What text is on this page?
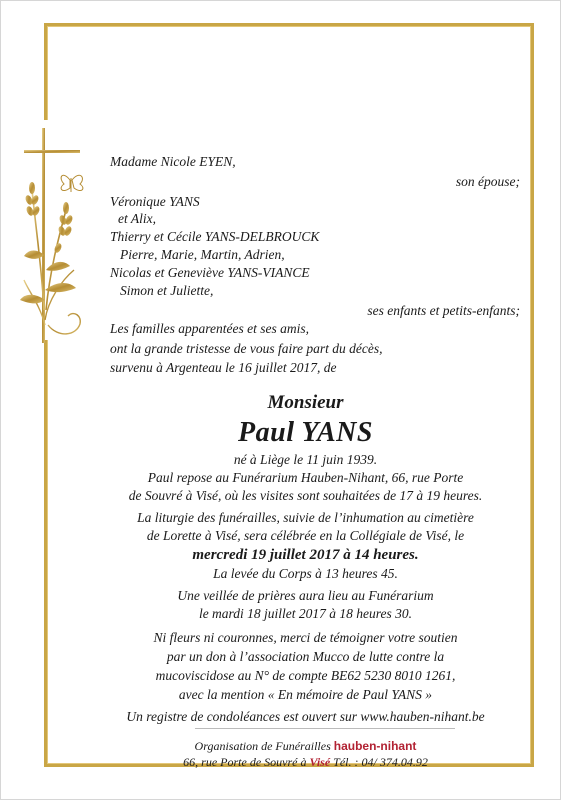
Madame Nicole EYEN,
son épouse;
Véronique YANS
et Alix,
Thierry et Cécile YANS-DELBROUCK
Pierre, Marie, Martin, Adrien,
Nicolas et Geneviève YANS-VIANCE
Simon et Juliette,
ses enfants et petits-enfants;
Les familles apparentées et ses amis,
ont la grande tristesse de vous faire part du décès,
survenu à Argenteau le 16 juillet 2017, de
Monsieur
Paul YANS
né à Liège le 11 juin 1939.
Paul repose au Funérarium Hauben-Nihant, 66, rue Porte
de Souvré à Visé, où les visites sont souhaitées de 17 à 19 heures.
La liturgie des funérailles, suivie de l’inhumation au cimetière
de Lorette à Visé, sera célébrée en la Collégiale de Visé, le
mercredi 19 juillet 2017 à 14 heures.
La levée du Corps à 13 heures 45.
Une veillée de prières aura lieu au Funérarium
le mardi 18 juillet 2017 à 18 heures 30.
Ni fleurs ni couronnes, merci de témoigner votre soutien
par un don à l’association Mucco de lutte contre la
mucoviscidose au N° de compte BE62 5230 8010 1261,
avec la mention « En mémoire de Paul YANS »
Un registre de condoléances est ouvert sur www.hauben-nihant.be
Organisation de Funérailles hauben-nihant
66, rue Porte de Souvré à Visé Tél. : 04/ 374.04.92
